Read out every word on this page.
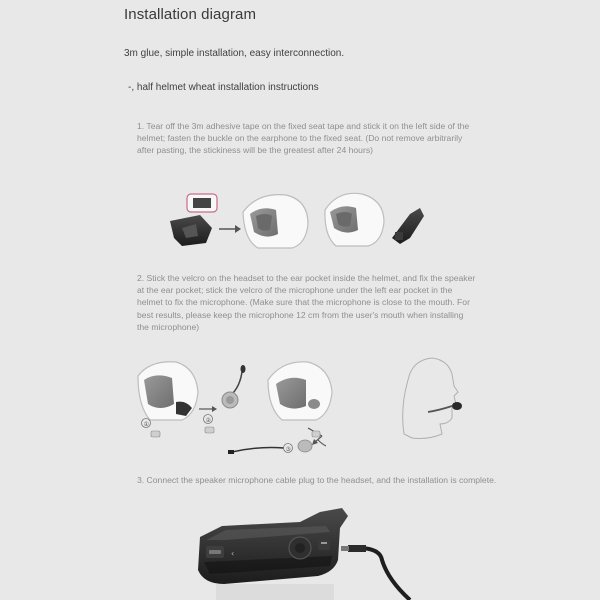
Installation diagram
3m glue, simple installation, easy interconnection.
-, half helmet wheat installation instructions
1. Tear off the 3m adhesive tape on the fixed seat tape and stick it on the left side of the helmet; fasten the buckle on the earphone to the fixed seat. (Do not remove arbitrarily after pasting, the stickiness will be the greatest after 24 hours)
2. Stick the velcro on the headset to the ear pocket inside the helmet, and fix the speaker at the ear pocket; stick the velcro of the microphone under the left ear pocket in the helmet to fix the microphone. (Make sure that the microphone is close to the mouth. For best results, please keep the microphone 12 cm from the user's mouth when installing the microphone)
3. Connect the speaker microphone cable plug to the headset, and the installation is complete.
①
②
③
‹
